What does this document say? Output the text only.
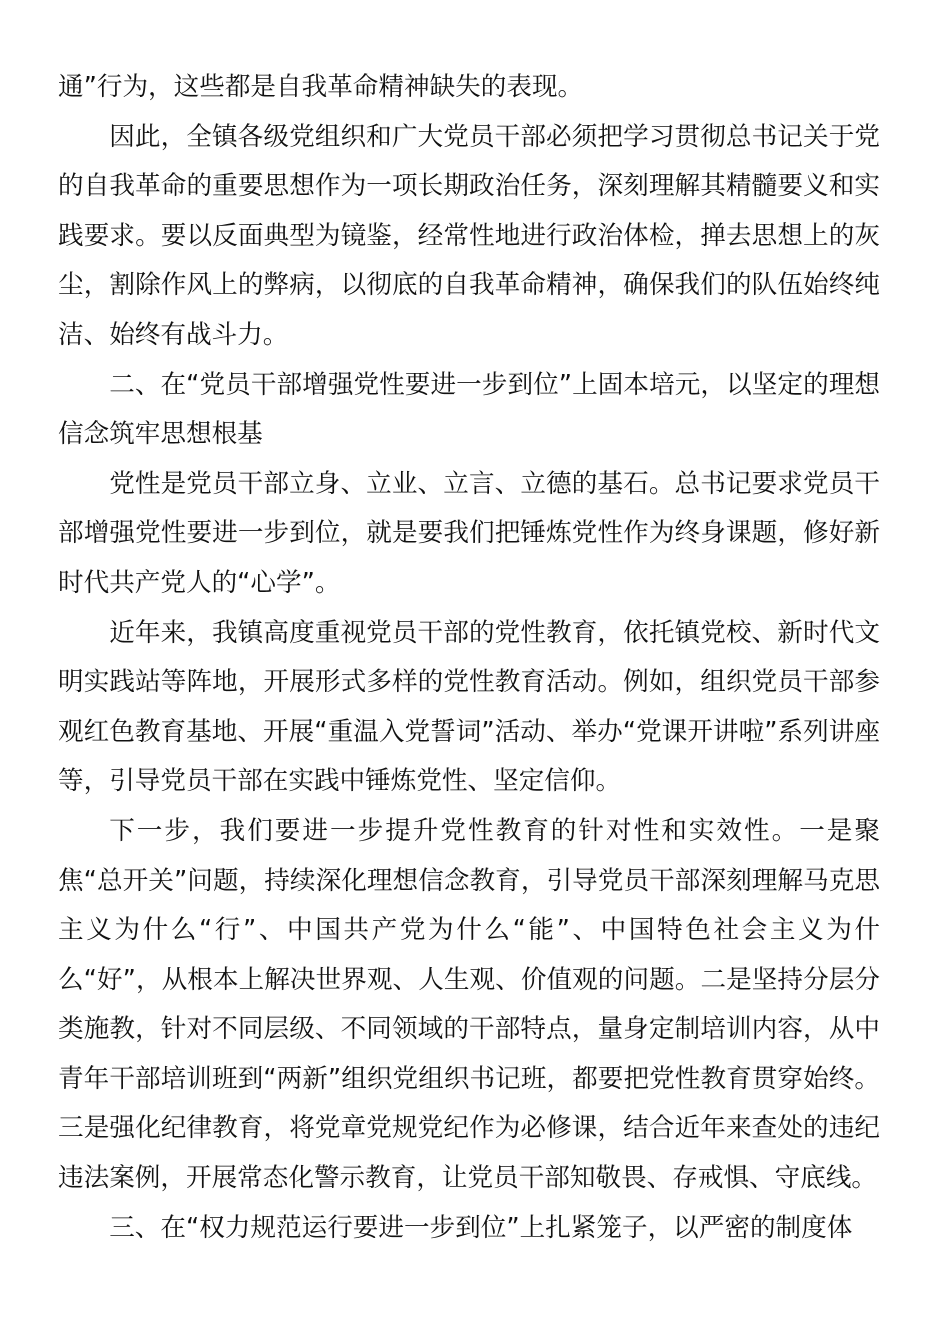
通”行为，这些都是自我革命精神缺失的表现。

因此，全镇各级党组织和广大党员干部必须把学习贯彻总书记关于党的自我革命的重要思想作为一项长期政治任务，深刻理解其精髓要义和实践要求。要以反面典型为镜鉴，经常性地进行政治体检，掸去思想上的灰尘，割除作风上的弊病，以彻底的自我革命精神，确保我们的队伍始终纯洁、始终有战斗力。

二、在“党员干部增强党性要进一步到位”上固本培元，以坚定的理想信念筑牢思想根基

党性是党员干部立身、立业、立言、立德的基石。总书记要求党员干部增强党性要进一步到位，就是要我们把锤炼党性作为终身课题，修好新时代共产党人的“心学”。

近年来，我镇高度重视党员干部的党性教育，依托镇党校、新时代文明实践站等阵地，开展形式多样的党性教育活动。例如，组织党员干部参观红色教育基地、开展“重温入党誓词”活动、举办“党课开讲啦”系列讲座等，引导党员干部在实践中锤炼党性、坚定信仰。

下一步，我们要进一步提升党性教育的针对性和实效性。一是聚焦“总开关”问题，持续深化理想信念教育，引导党员干部深刻理解马克思主义为什么“行”、中国共产党为什么“能”、中国特色社会主义为什么“好”，从根本上解决世界观、人生观、价值观的问题。二是坚持分层分类施教，针对不同层级、不同领域的干部特点，量身定制培训内容，从中青年干部培训班到“两新”组织党组织书记班，都要把党性教育贯穿始终。三是强化纪律教育，将党章党规党纪作为必修课，结合近年来查处的违纪违法案例，开展常态化警示教育，让党员干部知敬畏、存戒惧、守底线。

三、在“权力规范运行要进一步到位”上扎紧笼子，以严密的制度体
